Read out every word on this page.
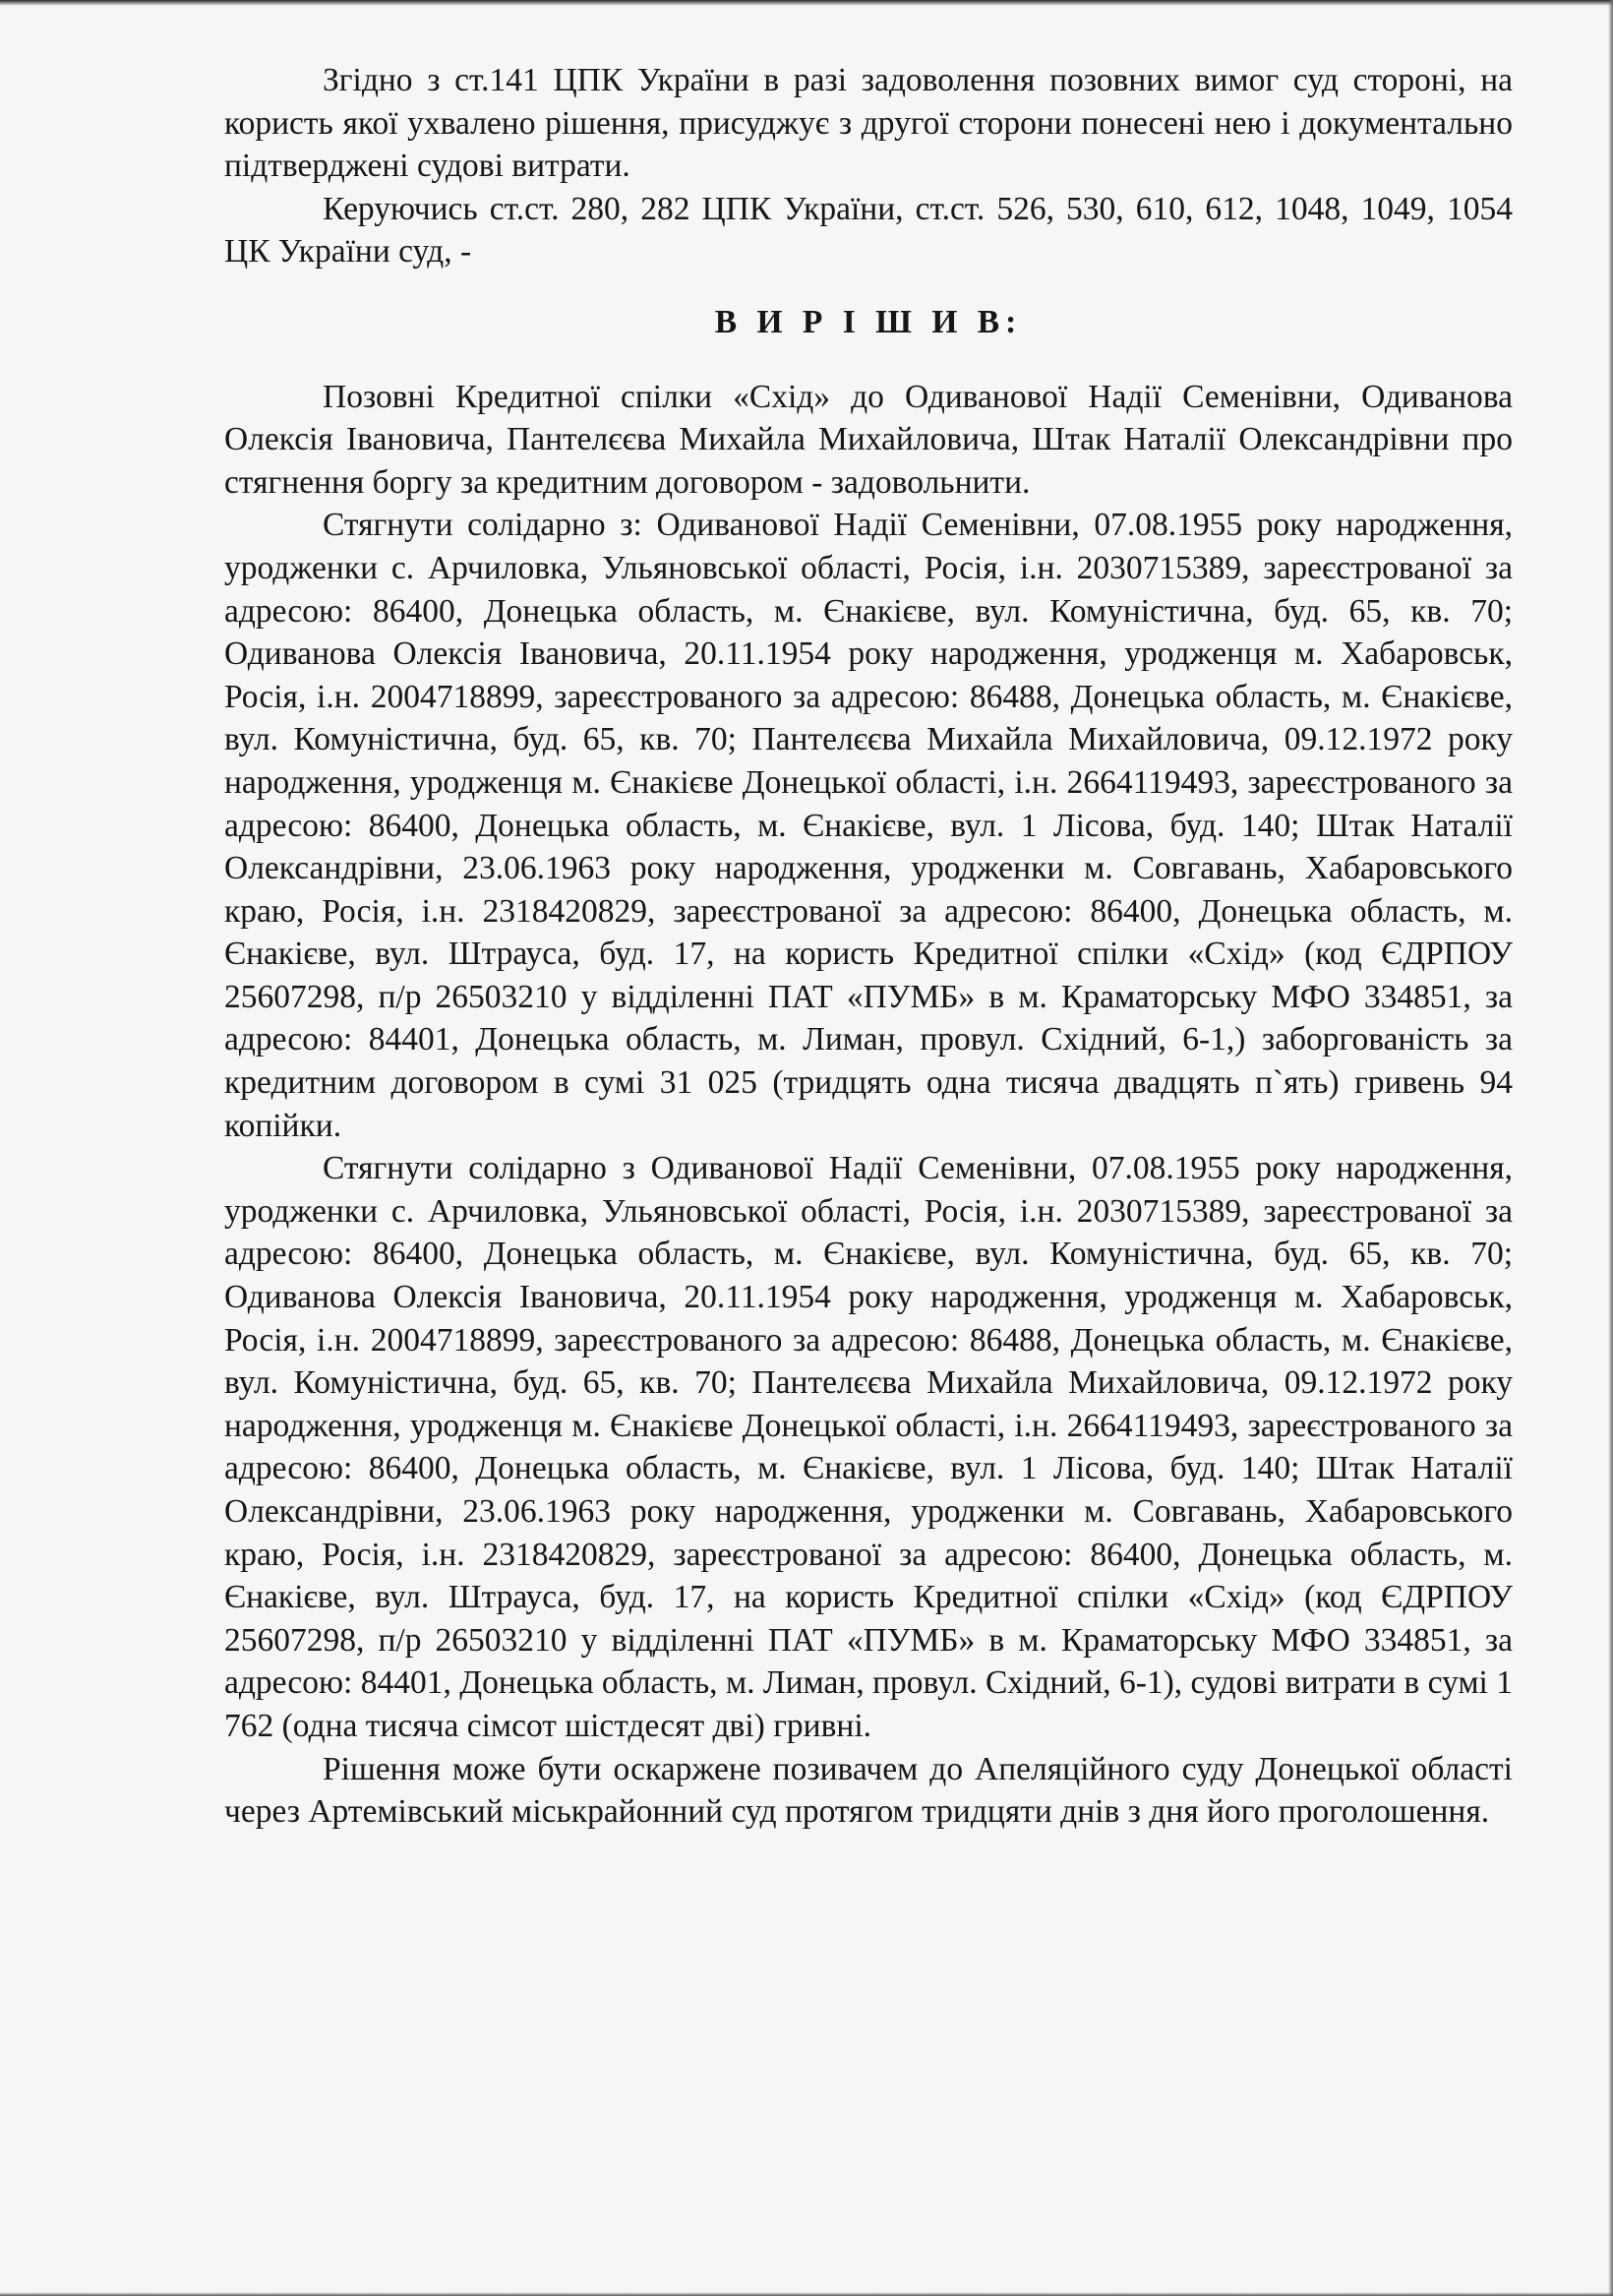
Згідно з ст.141 ЦПК України в разі задоволення позовних вимог суд стороні, на користь якої ухвалено рішення, присуджує з другої сторони понесені нею і документально підтверджені судові витрати.

Керуючись ст.ст. 280, 282 ЦПК України, ст.ст. 526, 530, 610, 612, 1048, 1049, 1054 ЦК України суд, -

В И Р І Ш И В:

Позовні Кредитної спілки «Схід» до Одиванової Надії Семенівни, Одиванова Олексія Івановича, Пантелєєва Михайла Михайловича, Штак Наталії Олександрівни про стягнення боргу за кредитним договором - задовольнити.

Стягнути солідарно з: Одиванової Надії Семенівни, 07.08.1955 року народження, уродженки с. Арчиловка, Ульяновської області, Росія, і.н. 2030715389, зареєстрованої за адресою: 86400, Донецька область, м. Єнакієве, вул. Комуністична, буд. 65, кв. 70; Одиванова Олексія Івановича, 20.11.1954 року народження, уродженця м. Хабаровськ, Росія, і.н. 2004718899, зареєстрованого за адресою: 86488, Донецька область, м. Єнакієве, вул. Комуністична, буд. 65, кв. 70; Пантелєєва Михайла Михайловича, 09.12.1972 року народження, уродженця м. Єнакієве Донецької області, і.н. 2664119493, зареєстрованого за адресою: 86400, Донецька область, м. Єнакієве, вул. 1 Лісова, буд. 140; Штак Наталії Олександрівни, 23.06.1963 року народження, уродженки м. Совгавань, Хабаровського краю, Росія, і.н. 2318420829, зареєстрованої за адресою: 86400, Донецька область, м. Єнакієве, вул. Штрауса, буд. 17, на користь Кредитної спілки «Схід» (код ЄДРПОУ 25607298, п/р 26503210 у відділенні ПАТ «ПУМБ» в м. Краматорську МФО 334851, за адресою: 84401, Донецька область, м. Лиман, провул. Східний, 6-1,) заборгованість за кредитним договором в сумі 31 025 (тридцять одна тисяча двадцять п`ять) гривень 94 копійки.

Стягнути солідарно з Одиванової Надії Семенівни, 07.08.1955 року народження, уродженки с. Арчиловка, Ульяновської області, Росія, і.н. 2030715389, зареєстрованої за адресою: 86400, Донецька область, м. Єнакієве, вул. Комуністична, буд. 65, кв. 70; Одиванова Олексія Івановича, 20.11.1954 року народження, уродженця м. Хабаровськ, Росія, і.н. 2004718899, зареєстрованого за адресою: 86488, Донецька область, м. Єнакієве, вул. Комуністична, буд. 65, кв. 70; Пантелєєва Михайла Михайловича, 09.12.1972 року народження, уродженця м. Єнакієве Донецької області, і.н. 2664119493, зареєстрованого за адресою: 86400, Донецька область, м. Єнакієве, вул. 1 Лісова, буд. 140; Штак Наталії Олександрівни, 23.06.1963 року народження, уродженки м. Совгавань, Хабаровського краю, Росія, і.н. 2318420829, зареєстрованої за адресою: 86400, Донецька область, м. Єнакієве, вул. Штрауса, буд. 17, на користь Кредитної спілки «Схід» (код ЄДРПОУ 25607298, п/р 26503210 у відділенні ПАТ «ПУМБ» в м. Краматорську МФО 334851, за адресою: 84401, Донецька область, м. Лиман, провул. Східний, 6-1), судові витрати в сумі 1 762 (одна тисяча сімсот шістдесят дві) гривні.

Рішення може бути оскаржене позивачем до Апеляційного суду Донецької області через Артемівський міськрайонний суд протягом тридцяти днів з дня його проголошення.
